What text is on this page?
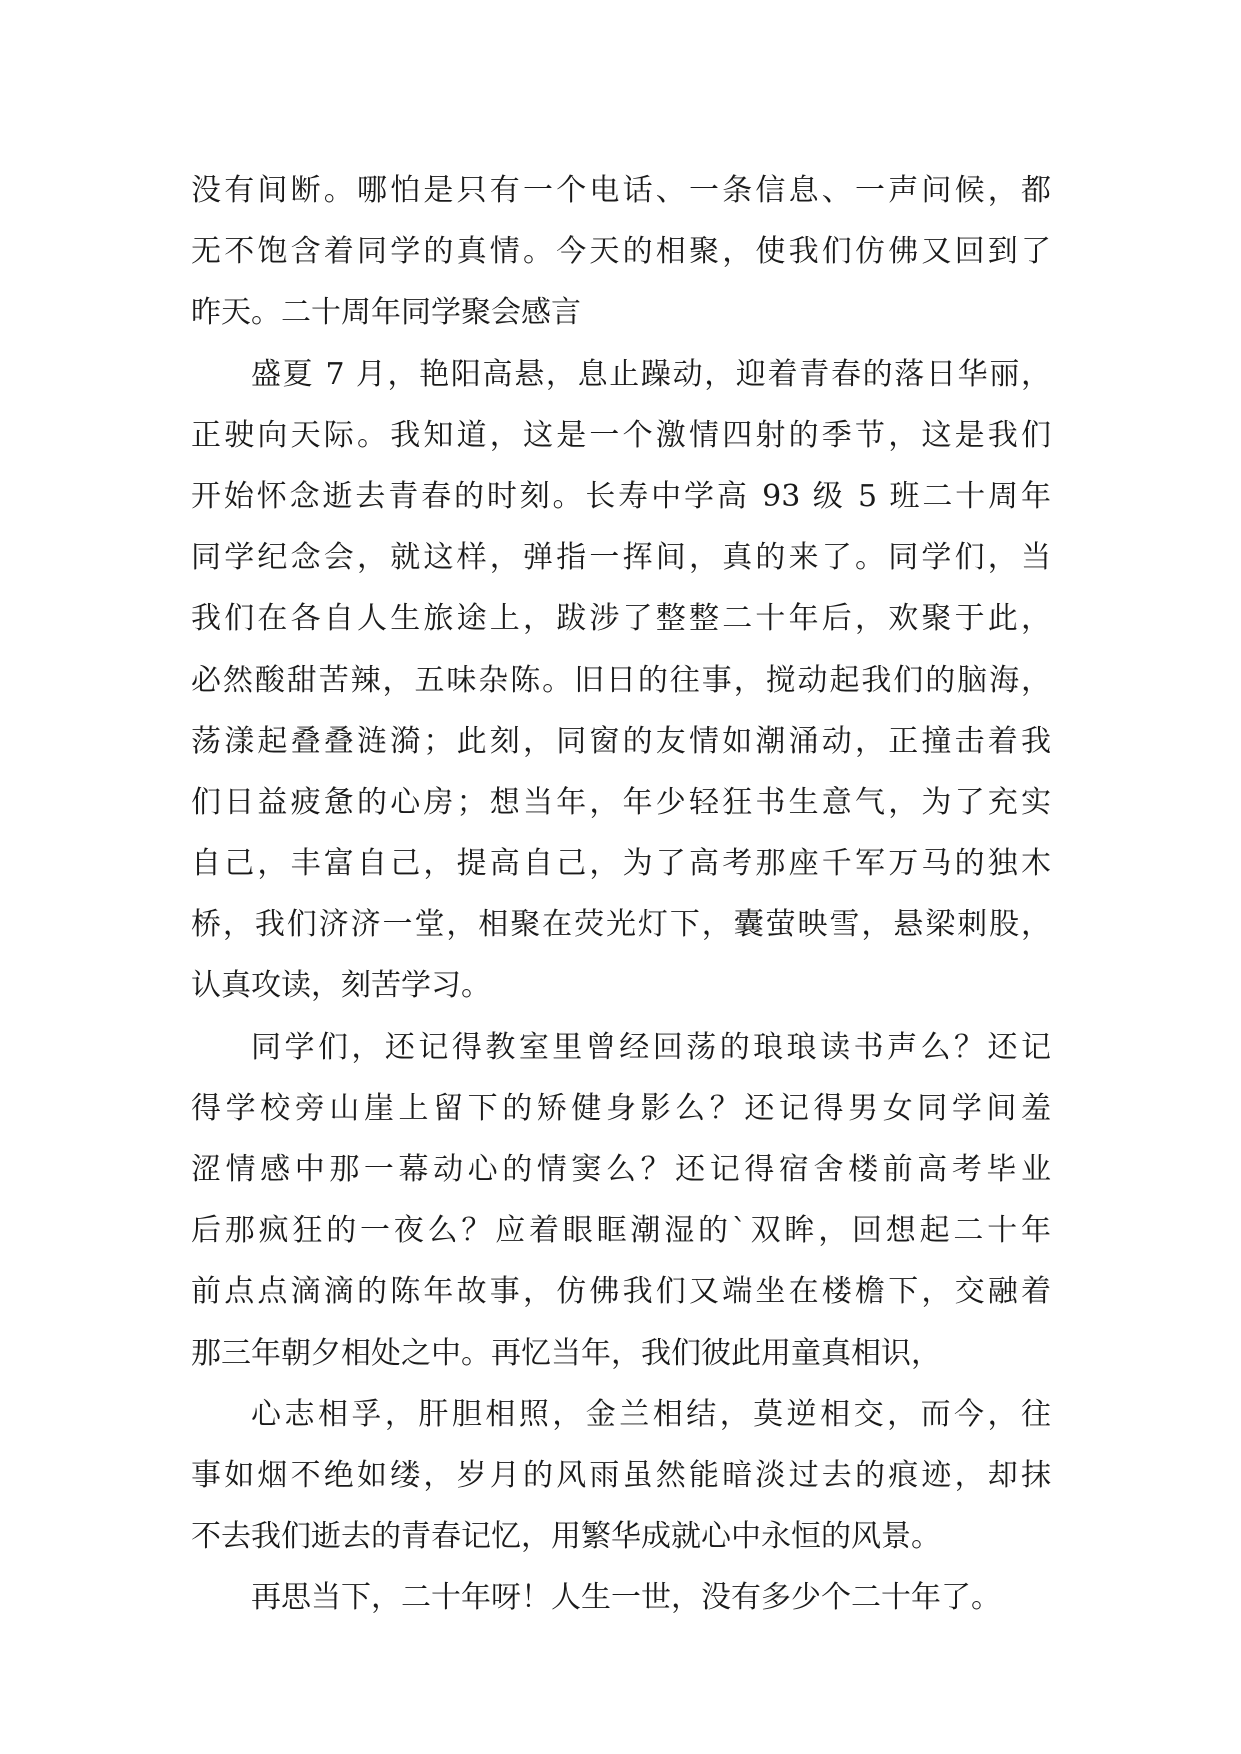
没有间断。哪怕是只有一个电话、一条信息、一声问候，都
无不饱含着同学的真情。今天的相聚，使我们仿佛又回到了
昨天。二十周年同学聚会感言
盛夏 7 月，艳阳高悬，息止躁动，迎着青春的落日华丽，
正驶向天际。我知道，这是一个激情四射的季节，这是我们
开始怀念逝去青春的时刻。长寿中学高 93 级 5 班二十周年
同学纪念会，就这样，弹指一挥间，真的来了。同学们，当
我们在各自人生旅途上，跋涉了整整二十年后，欢聚于此，
必然酸甜苦辣，五味杂陈。旧日的往事，搅动起我们的脑海，
荡漾起叠叠涟漪；此刻，同窗的友情如潮涌动，正撞击着我
们日益疲惫的心房；想当年，年少轻狂书生意气，为了充实
自己，丰富自己，提高自己，为了高考那座千军万马的独木
桥，我们济济一堂，相聚在荧光灯下，囊萤映雪，悬梁刺股，
认真攻读，刻苦学习。
同学们，还记得教室里曾经回荡的琅琅读书声么？还记
得学校旁山崖上留下的矫健身影么？还记得男女同学间羞
涩情感中那一幕动心的情窦么？还记得宿舍楼前高考毕业
后那疯狂的一夜么？应着眼眶潮湿的`双眸，回想起二十年
前点点滴滴的陈年故事，仿佛我们又端坐在楼檐下，交融着
那三年朝夕相处之中。再忆当年，我们彼此用童真相识，
心志相孚，肝胆相照，金兰相结，莫逆相交，而今，往
事如烟不绝如缕，岁月的风雨虽然能暗淡过去的痕迹，却抹
不去我们逝去的青春记忆，用繁华成就心中永恒的风景。
再思当下，二十年呀！人生一世，没有多少个二十年了。
